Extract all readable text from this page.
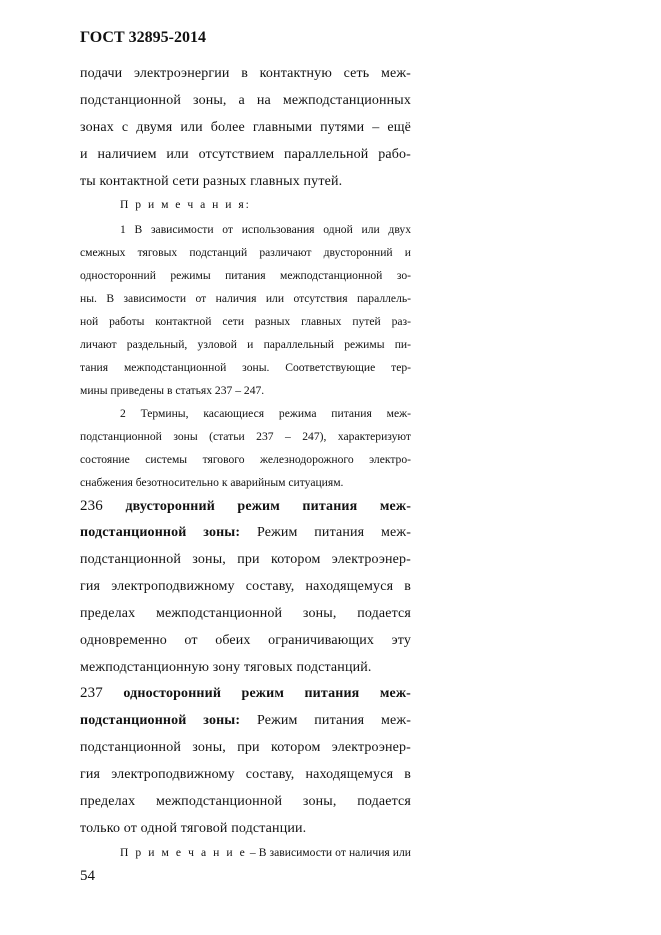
ГОСТ 32895-2014
подачи электроэнергии в контактную сеть меж-
подстанционной зоны, а на межподстанционных
зонах с двумя или более главными путями – ещё
и наличием или отсутствием параллельной рабо-
ты контактной сети разных главных путей.
П р и м е ч а н и я:
1 В зависимости от использования одной или двух
смежных тяговых подстанций различают двусторонний и
односторонний режимы питания межподстанционной зо-
ны. В зависимости от наличия или отсутствия параллель-
ной работы контактной сети разных главных путей раз-
личают раздельный, узловой и параллельный режимы пи-
тания межподстанционной зоны. Соответствующие тер-
мины приведены в статьях 237 – 247.
2 Термины, касающиеся режима питания меж-
подстанционной зоны (статьи 237 – 247), характеризуют
состояние системы тягового железнодорожного электро-
снабжения безотносительно к аварийным ситуациям.
236 двусторонний режим питания меж-
подстанционной зоны: Режим питания меж-
подстанционной зоны, при котором электроэнер-
гия электроподвижному составу, находящемуся в
пределах межподстанционной зоны, подается
одновременно от обеих ограничивающих эту
межподстанционную зону тяговых подстанций.
237 односторонний режим питания меж-
подстанционной зоны: Режим питания меж-
подстанционной зоны, при котором электроэнер-
гия электроподвижному составу, находящемуся в
пределах межподстанционной зоны, подается
только от одной тяговой подстанции.
П р и м е ч а н и е – В зависимости от наличия или
54
